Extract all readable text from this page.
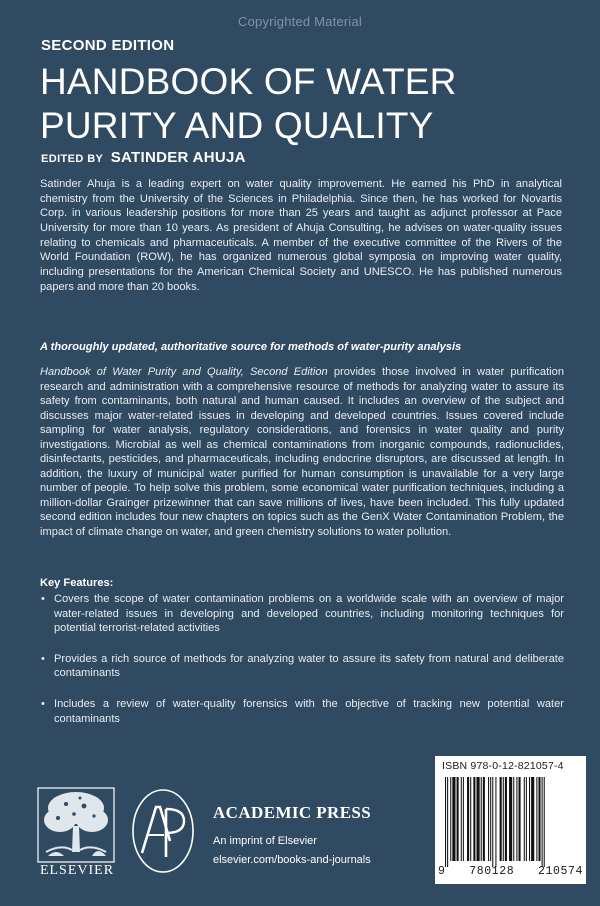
Copyrighted Material
SECOND EDITION
HANDBOOK OF WATER
PURITY AND QUALITY
EDITED BY SATINDER AHUJA

Satinder Ahuja is a leading expert on water quality improvement. He earned his PhD in analytical chemistry from the University of the Sciences in Philadelphia. Since then, he has worked for Novartis Corp. in various leadership positions for more than 25 years and taught as adjunct professor at Pace University for more than 10 years. As president of Ahuja Consulting, he advises on water-quality issues relating to chemicals and pharmaceuticals. A member of the executive committee of the Rivers of the World Foundation (ROW), he has organized numerous global symposia on improving water quality, including presentations for the American Chemical Society and UNESCO. He has published numerous papers and more than 20 books.

A thoroughly updated, authoritative source for methods of water-purity analysis

Handbook of Water Purity and Quality, Second Edition provides those involved in water purification research and administration with a comprehensive resource of methods for analyzing water to assure its safety from contaminants, both natural and human caused. It includes an overview of the subject and discusses major water-related issues in developing and developed countries. Issues covered include sampling for water analysis, regulatory considerations, and forensics in water quality and purity investigations. Microbial as well as chemical contaminations from inorganic compounds, radionuclides, disinfectants, pesticides, and pharmaceuticals, including endocrine disruptors, are discussed at length. In addition, the luxury of municipal water purified for human consumption is unavailable for a very large number of people. To help solve this problem, some economical water purification techniques, including a million-dollar Grainger prizewinner that can save millions of lives, have been included. This fully updated second edition includes four new chapters on topics such as the GenX Water Contamination Problem, the impact of climate change on water, and green chemistry solutions to water pollution.

Key Features:
• Covers the scope of water contamination problems on a worldwide scale with an overview of major water-related issues in developing and developed countries, including monitoring techniques for potential terrorist-related activities
• Provides a rich source of methods for analyzing water to assure its safety from natural and deliberate contaminants
• Includes a review of water-quality forensics with the objective of tracking new potential water contaminants
ELSEVIER
ACADEMIC PRESS
An imprint of Elsevier
elsevier.com/books-and-journals
ISBN 978-0-12-821057-4
9 780128 210574
